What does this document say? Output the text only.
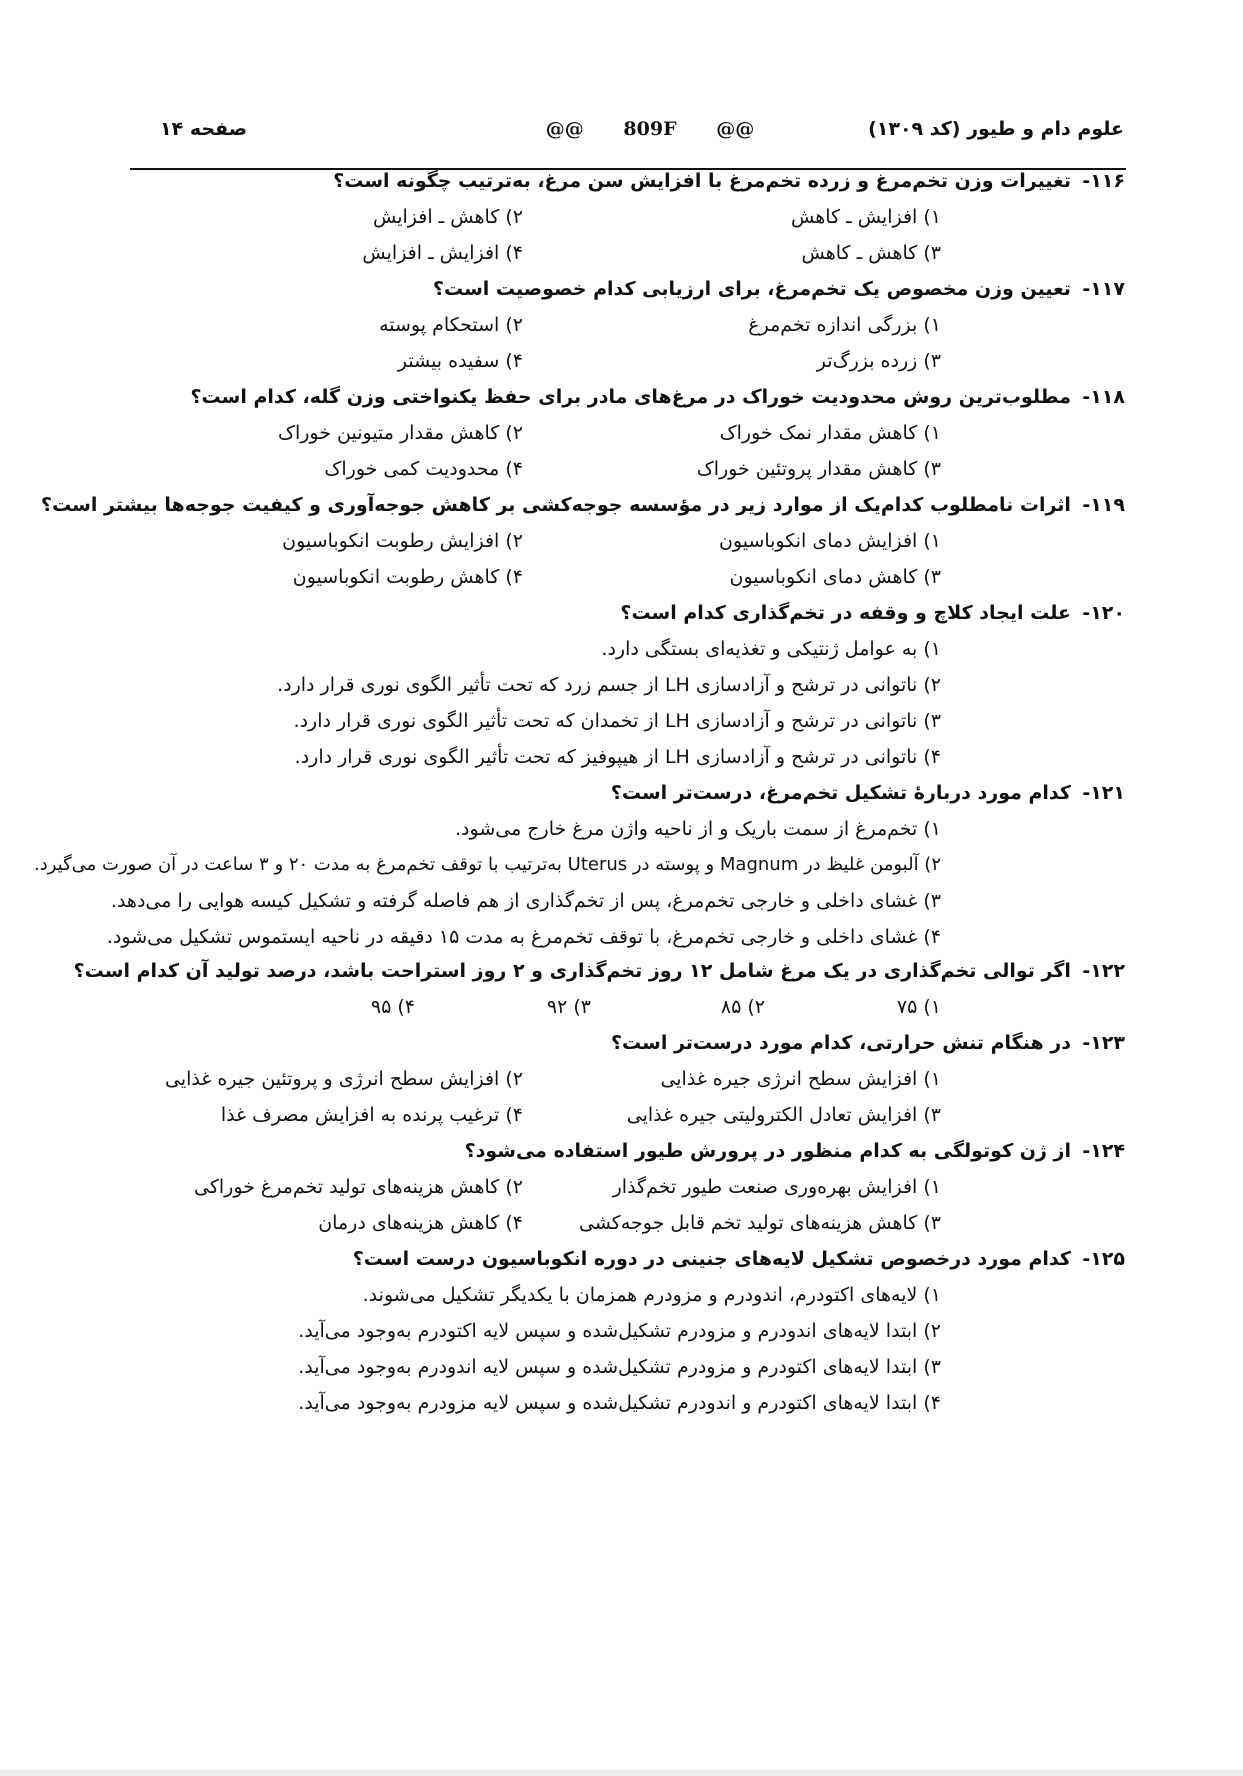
علوم دام و طیور (کد ۱۳۰۹)
@@      809F      @@
صفحه ۱۴
۱۱۶- تغییرات وزن تخم‌مرغ و زرده تخم‌مرغ با افزایش سن مرغ، به‌ترتیب چگونه است؟
۱) افزایش ـ کاهش
۲) کاهش ـ افزایش
۳) کاهش ـ کاهش
۴) افزایش ـ افزایش
۱۱۷- تعیین وزن مخصوص یک تخم‌مرغ، برای ارزیابی کدام خصوصیت است؟
۱) بزرگی اندازه تخم‌مرغ
۲) استحکام پوسته
۳) زرده بزرگ‌تر
۴) سفیده بیشتر
۱۱۸- مطلوب‌ترین روش محدودیت خوراک در مرغ‌های مادر برای حفظ یکنواختی وزن گله، کدام است؟
۱) کاهش مقدار نمک خوراک
۲) کاهش مقدار متیونین خوراک
۳) کاهش مقدار پروتئین خوراک
۴) محدودیت کمی خوراک
۱۱۹- اثرات نامطلوب کدام‌یک از موارد زیر در مؤسسه جوجه‌کشی بر کاهش جوجه‌آوری و کیفیت جوجه‌ها بیشتر است؟
۱) افزایش دمای انکوباسیون
۲) افزایش رطوبت انکوباسیون
۳) کاهش دمای انکوباسیون
۴) کاهش رطوبت انکوباسیون
۱۲۰- علت ایجاد کلاچ و وقفه در تخم‌گذاری کدام است؟
۱) به عوامل ژنتیکی و تغذیه‌ای بستگی دارد.
۲) ناتوانی در ترشح و آزادسازی LH از جسم زرد که تحت تأثیر الگوی نوری قرار دارد.
۳) ناتوانی در ترشح و آزادسازی LH از تخمدان که تحت تأثیر الگوی نوری قرار دارد.
۴) ناتوانی در ترشح و آزادسازی LH از هیپوفیز که تحت تأثیر الگوی نوری قرار دارد.
۱۲۱- کدام مورد دربارهٔ تشکیل تخم‌مرغ، درست‌تر است؟
۱) تخم‌مرغ از سمت باریک و از ناحیه واژن مرغ خارج می‌شود.
۲) آلبومن غلیظ در Magnum و پوسته در Uterus به‌ترتیب با توقف تخم‌مرغ به مدت ۲۰ و ۳ ساعت در آن صورت می‌گیرد.
۳) غشای داخلی و خارجی تخم‌مرغ، پس از تخم‌گذاری از هم فاصله گرفته و تشکیل کیسه هوایی را می‌دهد.
۴) غشای داخلی و خارجی تخم‌مرغ، با توقف تخم‌مرغ به مدت ۱۵ دقیقه در ناحیه ایستموس تشکیل می‌شود.
۱۲۲- اگر توالی تخم‌گذاری در یک مرغ شامل ۱۲ روز تخم‌گذاری و ۲ روز استراحت باشد، درصد تولید آن کدام است؟
۱) ۷۵
۲) ۸۵
۳) ۹۲
۴) ۹۵
۱۲۳- در هنگام تنش حرارتی، کدام مورد درست‌تر است؟
۱) افزایش سطح انرژی جیره غذایی
۲) افزایش سطح انرژی و پروتئین جیره غذایی
۳) افزایش تعادل الکترولیتی جیره غذایی
۴) ترغیب پرنده به افزایش مصرف غذا
۱۲۴- از ژن کوتولگی به کدام منظور در پرورش طیور استفاده می‌شود؟
۱) افزایش بهره‌وری صنعت طیور تخم‌گذار
۲) کاهش هزینه‌های تولید تخم‌مرغ خوراکی
۳) کاهش هزینه‌های تولید تخم قابل جوجه‌کشی
۴) کاهش هزینه‌های درمان
۱۲۵- کدام مورد درخصوص تشکیل لایه‌های جنینی در دوره انکوباسیون درست است؟
۱) لایه‌های اکتودرم، اندودرم و مزودرم همزمان با یکدیگر تشکیل می‌شوند.
۲) ابتدا لایه‌های اندودرم و مزودرم تشکیل‌شده و سپس لایه اکتودرم به‌وجود می‌آید.
۳) ابتدا لایه‌های اکتودرم و مزودرم تشکیل‌شده و سپس لایه اندودرم به‌وجود می‌آید.
۴) ابتدا لایه‌های اکتودرم و اندودرم تشکیل‌شده و سپس لایه مزودرم به‌وجود می‌آید.
